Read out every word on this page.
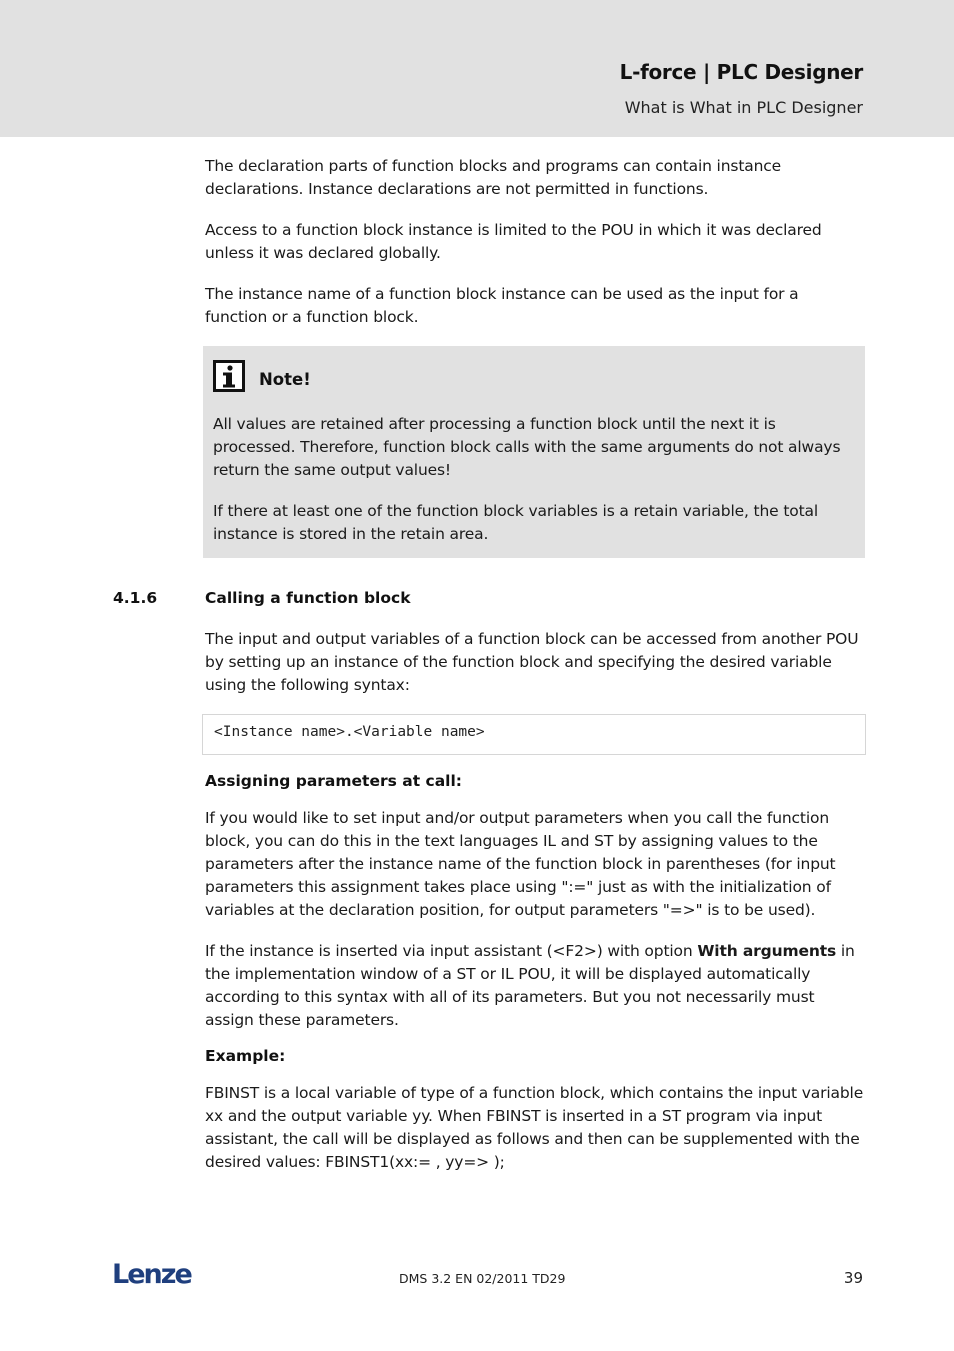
L-force | PLC Designer
What is What in PLC Designer

The declaration parts of function blocks and programs can contain instance declarations. Instance declarations are not permitted in functions.

Access to a function block instance is limited to the POU in which it was declared unless it was declared globally.

The instance name of a function block instance can be used as the input for a function or a function block.

Note!

All values are retained after processing a function block until the next it is processed. Therefore, function block calls with the same arguments do not always return the same output values!

If there at least one of the function block variables is a retain variable, the total instance is stored in the retain area.

4.1.6	Calling a function block

The input and output variables of a function block can be accessed from another POU by setting up an instance of the function block and specifying the desired variable using the following syntax:

<Instance name>.<Variable name>
Assigning parameters at call:

If you would like to set input and/or output parameters when you call the function block, you can do this in the text languages IL and ST by assigning values to the parameters after the instance name of the function block in parentheses (for input parameters this assignment takes place using ":=" just as with the initialization of variables at the declaration position, for output parameters "=>" is to be used).

If the instance is inserted via input assistant (<F2>) with option With arguments in the implementation window of a ST or IL POU, it will be displayed automatically according to this syntax with all of its parameters. But you not necessarily must assign these parameters.

Example:

FBINST is a local variable of type of a function block, which contains the input variable xx and the output variable yy. When FBINST is inserted in a ST program via input assistant, the call will be displayed as follows and then can be supplemented with the desired values: FBINST1(xx:= , yy=> );

Lenze	DMS 3.2 EN 02/2011 TD29	39
